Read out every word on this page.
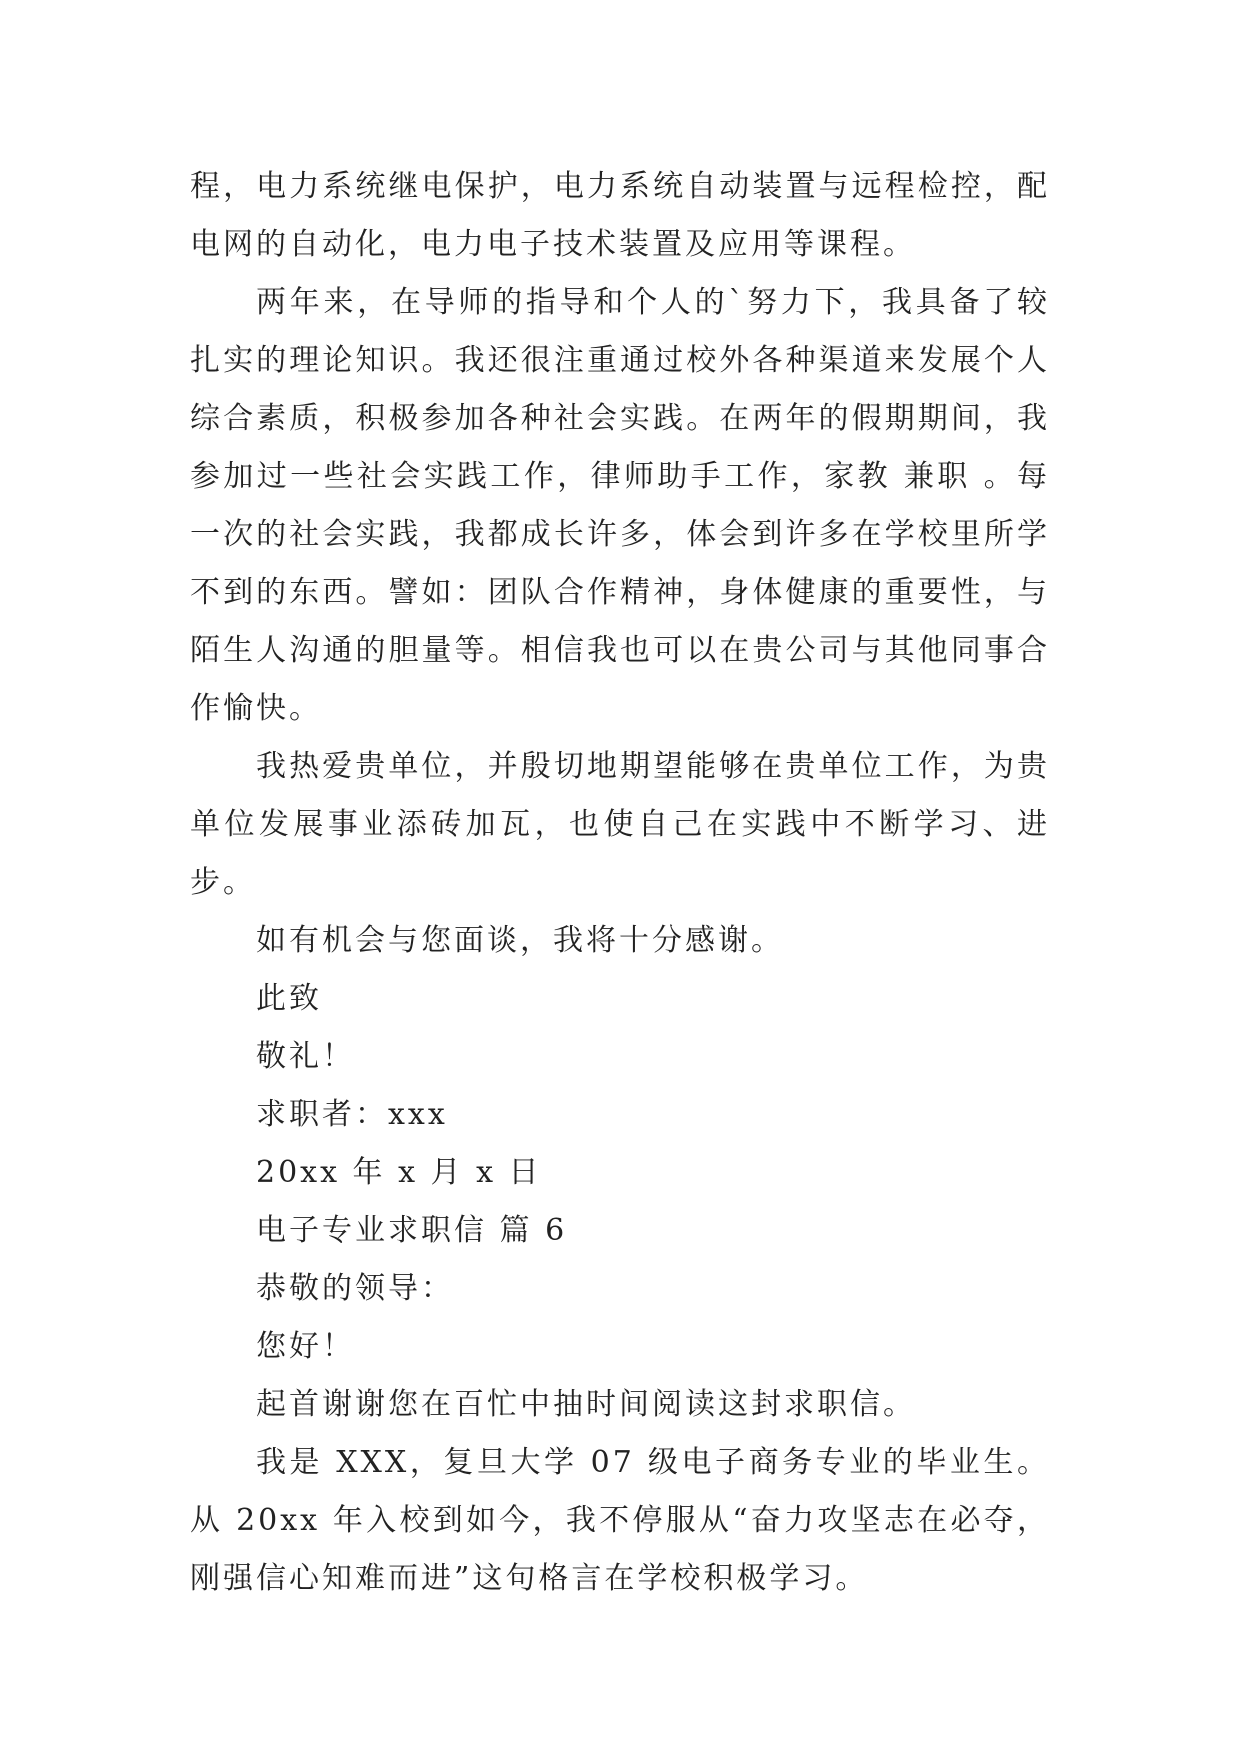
程，电力系统继电保护，电力系统自动装置与远程检控，配电网的自动化，电力电子技术装置及应用等课程。

两年来，在导师的指导和个人的`努力下，我具备了较扎实的理论知识。我还很注重通过校外各种渠道来发展个人综合素质，积极参加各种社会实践。在两年的假期期间，我参加过一些社会实践工作，律师助手工作，家教 兼职 。每一次的社会实践，我都成长许多，体会到许多在学校里所学不到的东西。譬如：团队合作精神，身体健康的重要性，与陌生人沟通的胆量等。相信我也可以在贵公司与其他同事合作愉快。

我热爱贵单位，并殷切地期望能够在贵单位工作，为贵单位发展事业添砖加瓦，也使自己在实践中不断学习、进步。

如有机会与您面谈，我将十分感谢。

此致

敬礼！

求职者：xxx

20xx 年 x 月 x 日

电子专业求职信 篇 6

恭敬的领导：

您好！

起首谢谢您在百忙中抽时间阅读这封求职信。

我是 XXX，复旦大学 07 级电子商务专业的毕业生。从 20xx 年入校到如今，我不停服从“奋力攻坚志在必夺，刚强信心知难而进”这句格言在学校积极学习。
